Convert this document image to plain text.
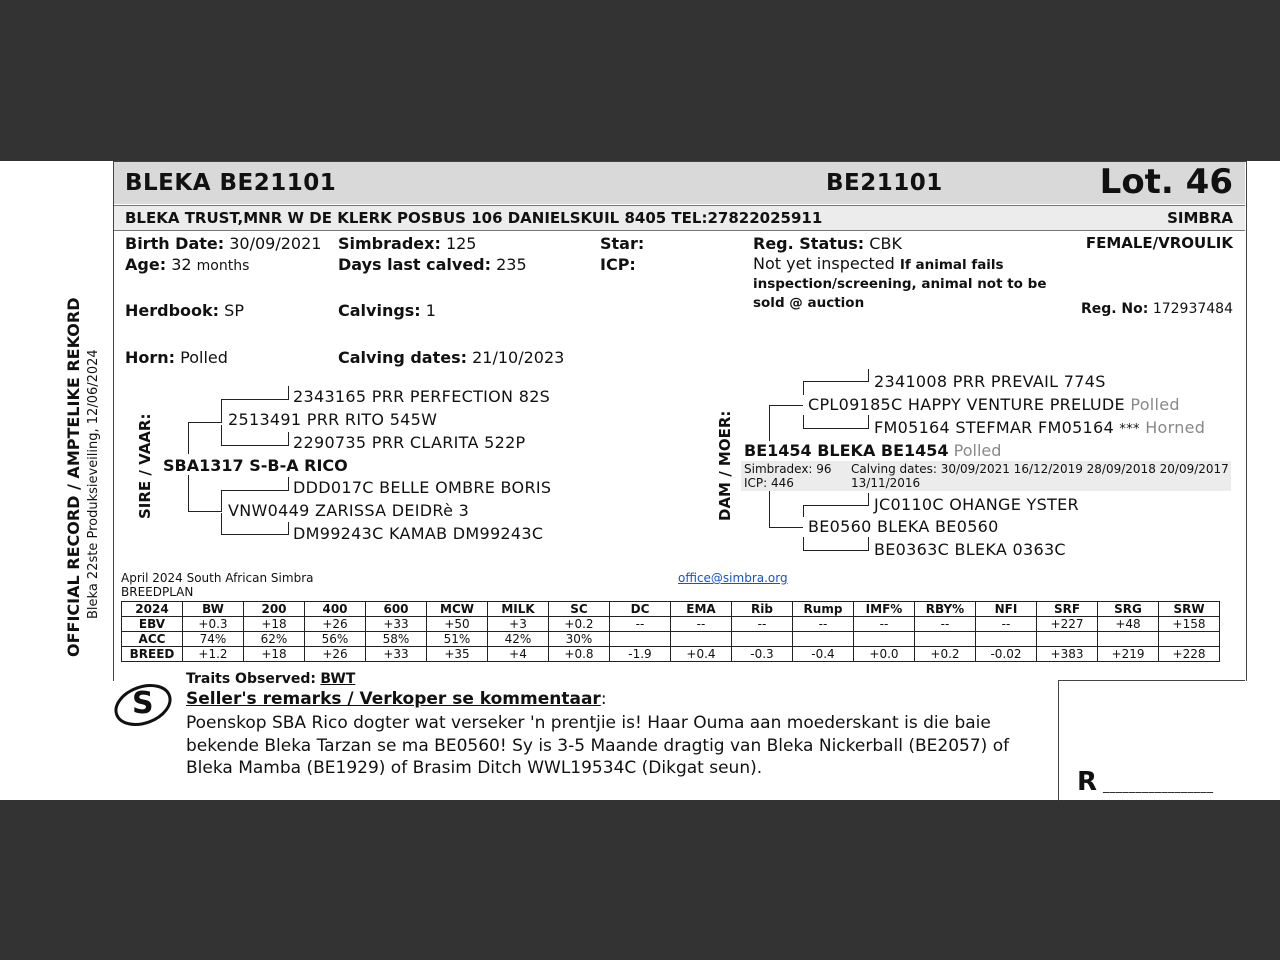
OFFICIAL RECORD / AMPTELIKE REKORD Bleka 22ste Produksieveiling, 12/06/2024
BLEKA BE21101	BE21101	Lot. 46
BLEKA TRUST,MNR W DE KLERK POSBUS 106 DANIELSKUIL 8405 TEL:27822025911	SIMBRA
Birth Date: 30/09/2021
Age: 32 months
Simbradex: 125
Days last calved: 235
Star:
ICP:
Reg. Status: CBK
Not yet inspected If animal fails
inspection/screening, animal not to be
sold @ auction
FEMALE/VROULIK
Herdbook: SP	Calvings: 1	Reg. No: 172937484
Horn: Polled	Calving dates: 21/10/2023
SIRE / VAAR:
2343165 PRR PERFECTION 82S
2513491 PRR RITO 545W
2290735 PRR CLARITA 522P
SBA1317 S-B-A RICO
DDD017C BELLE OMBRE BORIS
VNW0449 ZARISSA DEIDRè 3
DM99243C KAMAB DM99243C
DAM / MOER:
2341008 PRR PREVAIL 774S
CPL09185C HAPPY VENTURE PRELUDE Polled
FM05164 STEFMAR FM05164 *** Horned
BE1454 BLEKA BE1454 Polled
Simbradex: 96
ICP: 446
Calving dates: 30/09/2021 16/12/2019 28/09/2018 20/09/2017
13/11/2016
JC0110C OHANGE YSTER
BE0560 BLEKA BE0560
BE0363C BLEKA 0363C
April 2024 South African Simbra
BREEDPLAN
office@simbra.org
2024	BW	200	400	600	MCW	MILK	SC	DC	EMA	Rib	Rump	IMF%	RBY%	NFI	SRF	SRG	SRW
EBV	+0.3	+18	+26	+33	+50	+3	+0.2	--	--	--	--	--	--	--	+227	+48	+158
ACC	74%	62%	56%	58%	51%	42%	30%										
BREED	+1.2	+18	+26	+33	+35	+4	+0.8	-1.9	+0.4	-0.3	-0.4	+0.0	+0.2	-0.02	+383	+219	+228
S
Traits Observed: BWT
Seller's remarks / Verkoper se kommentaar:
Poenskop SBA Rico dogter wat verseker 'n prentjie is! Haar Ouma aan moederskant is die baie
bekende Bleka Tarzan se ma BE0560! Sy is 3-5 Maande dragtig van Bleka Nickerball (BE2057) of
Bleka Mamba (BE1929) of Brasim Ditch WWL19534C (Dikgat seun).	R _________________
